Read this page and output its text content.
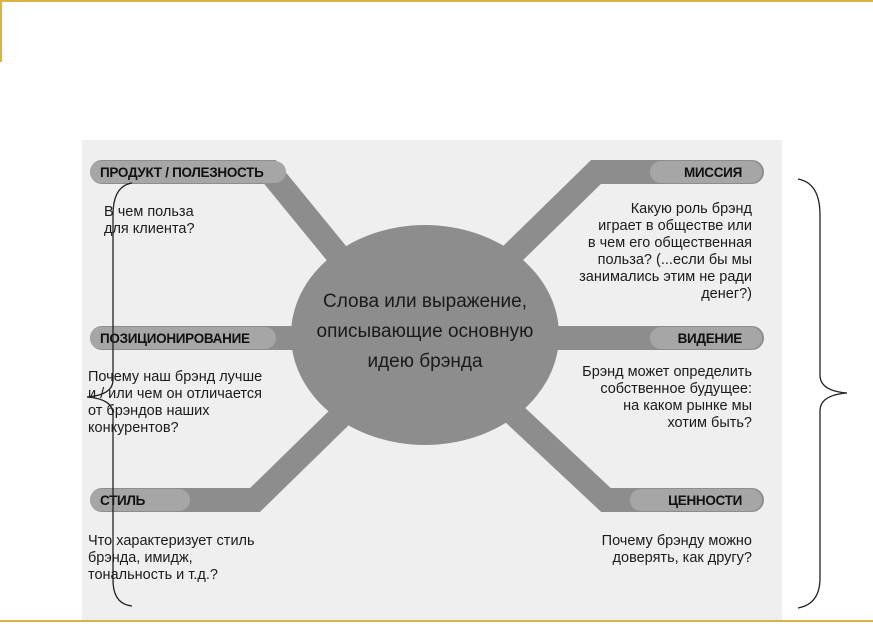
Слова или выражение,
описывающие основную
идею брэнда
ПРОДУКТ / ПОЛЕЗНОСТЬ	МИССИЯ
ПОЗИЦИОНИРОВАНИЕ	ВИДЕНИЕ
СТИЛЬ	ЦЕННОСТИ
В чем польза
для клиента?
Какую роль брэнд
играет в обществе или
в чем его общественная
польза? (...если бы мы
занимались этим не ради
денег?)
Почему наш брэнд лучше
и / или чем он отличается
от брэндов наших
конкурентов?
Брэнд может определить
собственное будущее:
на каком рынке мы
хотим быть?
Что характеризует стиль
брэнда, имидж,
тональность и т.д.?
Почему брэнду можно
доверять, как другу?
